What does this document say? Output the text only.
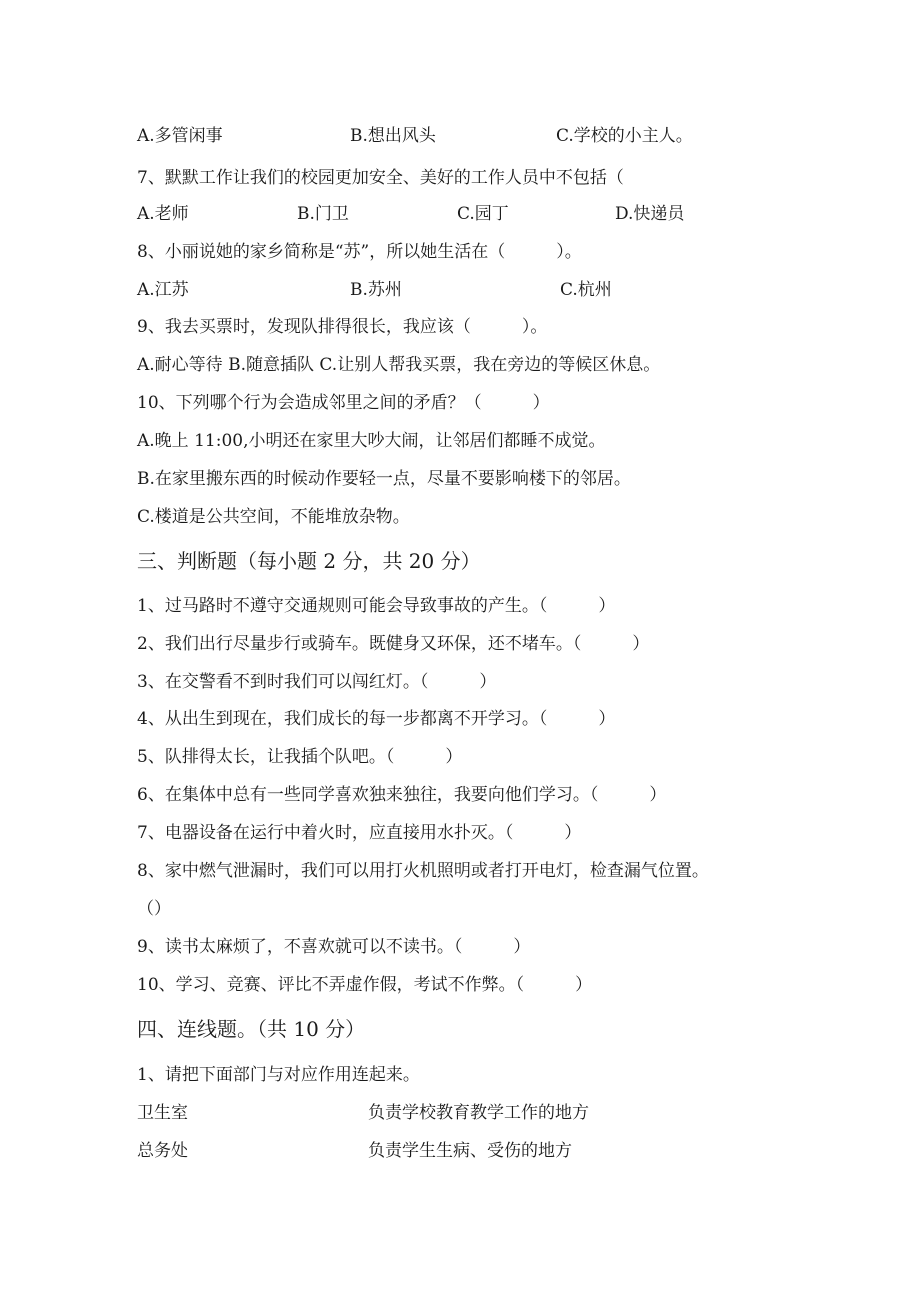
A.多管闲事	B.想出风头	C.学校的小主人。
7、默默工作让我们的校园更加安全、美好的工作人员中不包括（
A.老师	B.门卫	C.园丁	D.快递员
8、小丽说她的家乡简称是“苏”，所以她生活在（　　　）。
A.江苏	B.苏州	C.杭州
9、我去买票时，发现队排得很长，我应该（　　　）。
A.耐心等待 B.随意插队 C.让别人帮我买票，我在旁边的等候区休息。
10、下列哪个行为会造成邻里之间的矛盾？（　　　）
A.晚上 11:00,小明还在家里大吵大闹，让邻居们都睡不成觉。
B.在家里搬东西的时候动作要轻一点，尽量不要影响楼下的邻居。
C.楼道是公共空间，不能堆放杂物。
三、判断题（每小题 2 分，共 20 分）
1、过马路时不遵守交通规则可能会导致事故的产生。（　　　）
2、我们出行尽量步行或骑车。既健身又环保，还不堵车。（　　　）
3、在交警看不到时我们可以闯红灯。（　　　）
4、从出生到现在，我们成长的每一步都离不开学习。（　　　）
5、队排得太长，让我插个队吧。（　　　）
6、在集体中总有一些同学喜欢独来独往，我要向他们学习。（　　　）
7、电器设备在运行中着火时，应直接用水扑灭。（　　　）
8、家中燃气泄漏时，我们可以用打火机照明或者打开电灯，检查漏气位置。
（）
9、读书太麻烦了，不喜欢就可以不读书。（　　　）
10、学习、竞赛、评比不弄虚作假，考试不作弊。（　　　）
四、连线题。（共 10 分）
1、请把下面部门与对应作用连起来。
卫生室	负责学校教育教学工作的地方
总务处	负责学生生病、受伤的地方
